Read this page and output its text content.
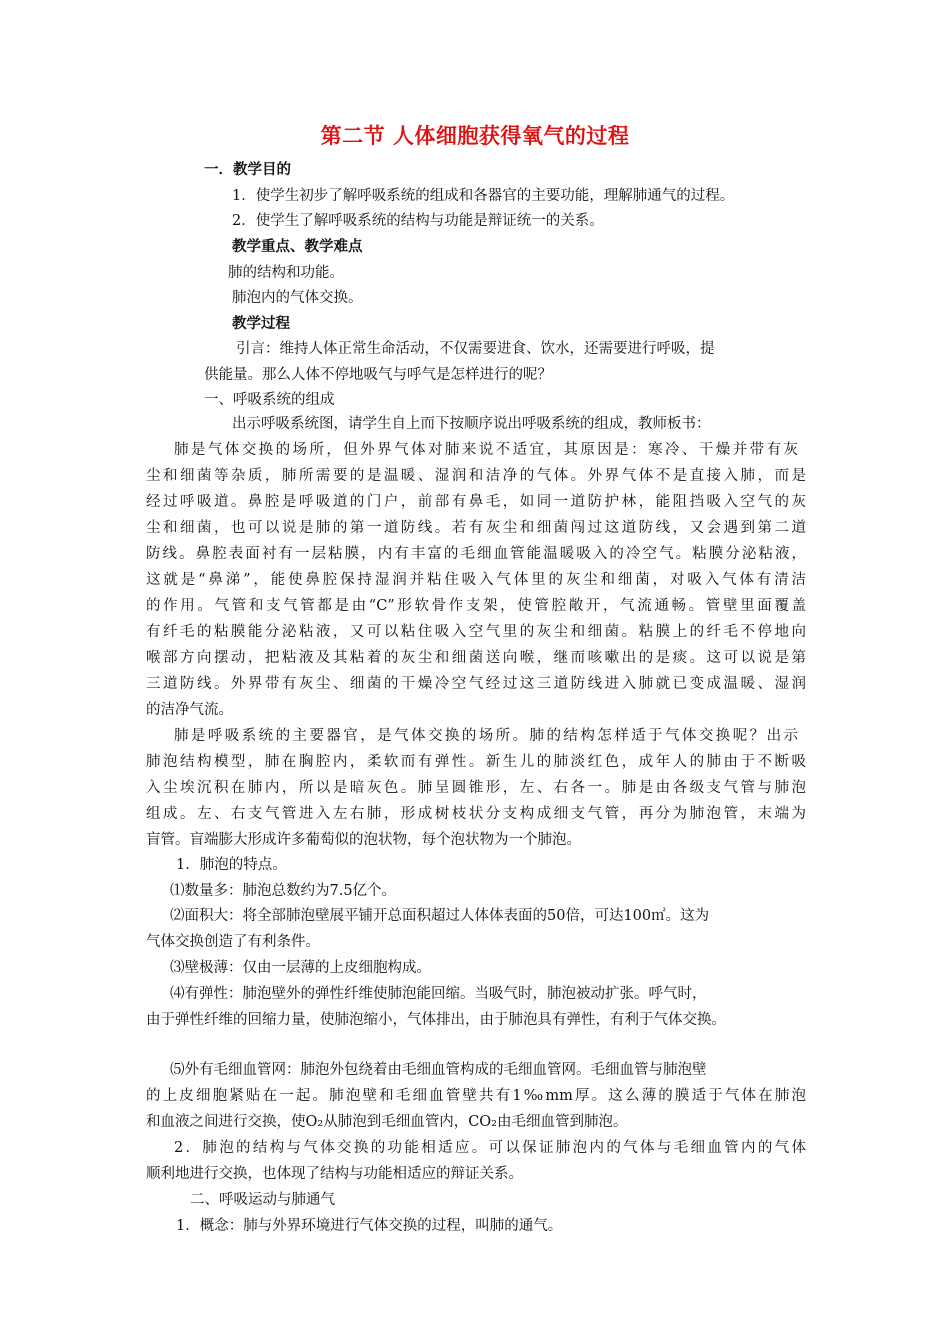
第二节 人体细胞获得氧气的过程
一．教学目的
1．使学生初步了解呼吸系统的组成和各器官的主要功能，理解肺通气的过程。
2．使学生了解呼吸系统的结构与功能是辩证统一的关系。
教学重点、教学难点
肺的结构和功能。
肺泡内的气体交换。
教学过程
引言：维持人体正常生命活动，不仅需要进食、饮水，还需要进行呼吸，提
供能量。那么人体不停地吸气与呼气是怎样进行的呢？
一、呼吸系统的组成
出示呼吸系统图，请学生自上而下按顺序说出呼吸系统的组成，教师板书：
肺是气体交换的场所，但外界气体对肺来说不适宜，其原因是：寒冷、干燥并带有灰
尘和细菌等杂质，肺所需要的是温暖、湿润和洁净的气体。外界气体不是直接入肺，而是
经过呼吸道。鼻腔是呼吸道的门户，前部有鼻毛，如同一道防护林，能阻挡吸入空气的灰
尘和细菌，也可以说是肺的第一道防线。若有灰尘和细菌闯过这道防线，又会遇到第二道
防线。鼻腔表面衬有一层粘膜，内有丰富的毛细血管能温暖吸入的冷空气。粘膜分泌粘液，
这就是“鼻涕”，能使鼻腔保持湿润并粘住吸入气体里的灰尘和细菌，对吸入气体有清洁
的作用。气管和支气管都是由“C”形软骨作支架，使管腔敞开，气流通畅。管壁里面覆盖
有纤毛的粘膜能分泌粘液，又可以粘住吸入空气里的灰尘和细菌。粘膜上的纤毛不停地向
喉部方向摆动，把粘液及其粘着的灰尘和细菌送向喉，继而咳嗽出的是痰。这可以说是第
三道防线。外界带有灰尘、细菌的干燥冷空气经过这三道防线进入肺就已变成温暖、湿润
的洁净气流。
肺是呼吸系统的主要器官，是气体交换的场所。肺的结构怎样适于气体交换呢？出示
肺泡结构模型，肺在胸腔内，柔软而有弹性。新生儿的肺淡红色，成年人的肺由于不断吸
入尘埃沉积在肺内，所以是暗灰色。肺呈圆锥形，左、右各一。肺是由各级支气管与肺泡
组成。左、右支气管进入左右肺，形成树枝状分支构成细支气管，再分为肺泡管，末端为
盲管。盲端膨大形成许多葡萄似的泡状物，每个泡状物为一个肺泡。
1．肺泡的特点。
⑴数量多：肺泡总数约为7.5亿个。
⑵面积大：将全部肺泡壁展平铺开总面积超过人体体表面的50倍，可达100㎡。这为
气体交换创造了有利条件。
⑶壁极薄：仅由一层薄的上皮细胞构成。
⑷有弹性：肺泡壁外的弹性纤维使肺泡能回缩。当吸气时，肺泡被动扩张。呼气时，
由于弹性纤维的回缩力量，使肺泡缩小，气体排出，由于肺泡具有弹性，有利于气体交换。
⑸外有毛细血管网：肺泡外包绕着由毛细血管构成的毛细血管网。毛细血管与肺泡壁
的上皮细胞紧贴在一起。肺泡壁和毛细血管壁共有1‰mm厚。这么薄的膜适于气体在肺泡
和血液之间进行交换，使O₂从肺泡到毛细血管内，CO₂由毛细血管到肺泡。
2．肺泡的结构与气体交换的功能相适应。可以保证肺泡内的气体与毛细血管内的气体
顺利地进行交换，也体现了结构与功能相适应的辩证关系。
二、呼吸运动与肺通气
1．概念：肺与外界环境进行气体交换的过程，叫肺的通气。
